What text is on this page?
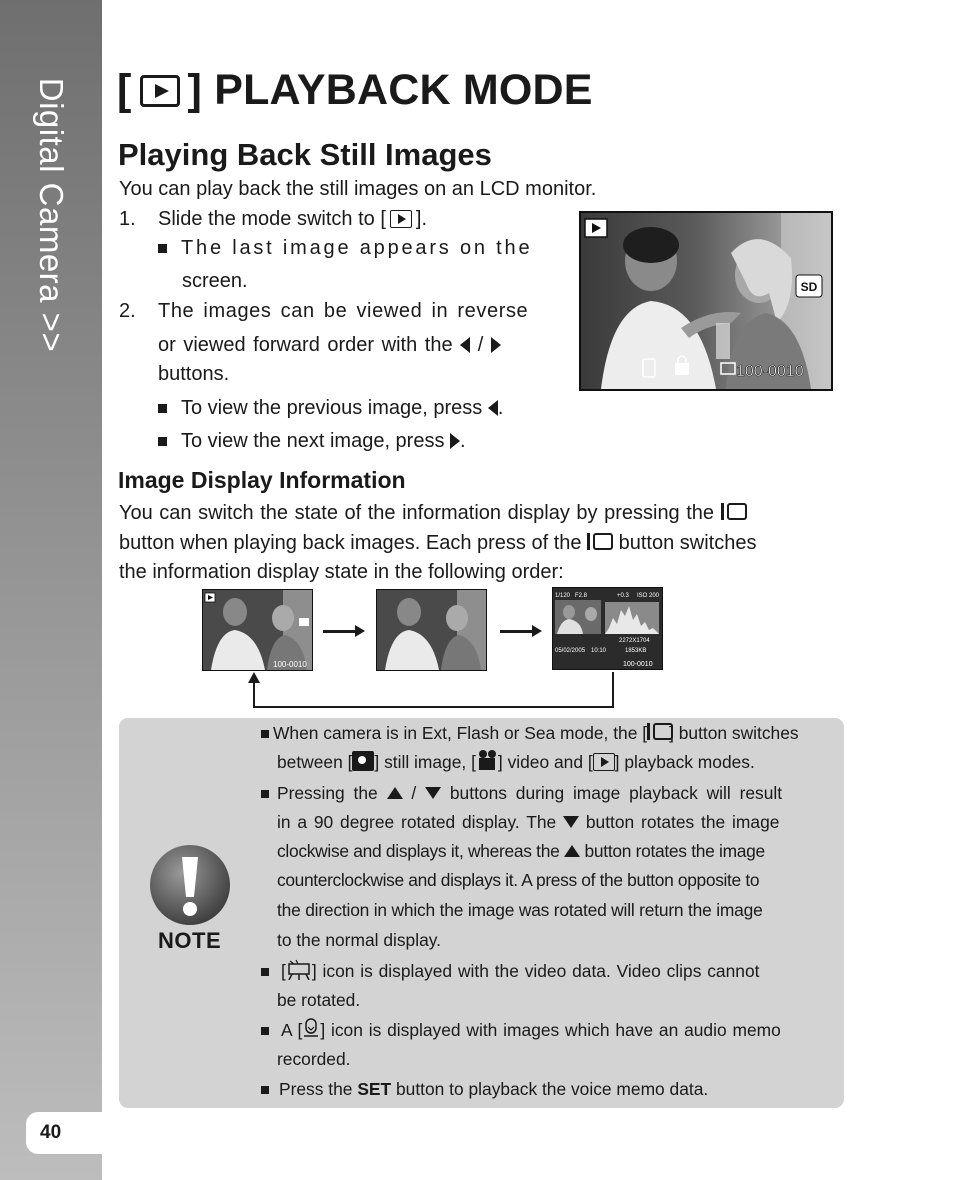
Digital Camera >>
40
[ ] PLAYBACK MODE
Playing Back Still Images
You can play back the still images on an LCD monitor.
1. Slide the mode switch to [ ].
The last image appears on the
screen.
2. The images can be viewed in reverse
or viewed forward order with the /
buttons.
To view the previous image, press .
To view the next image, press .
SD
100-0010
Image Display Information
You can switch the state of the information display by pressing the
button when playing back images. Each press of the button switches
the information display state in the following order:
100-0010
1/120 F2.8	+0.3 ISO 200
2272X1704
05/02/2005 10:10	1853KB
100-0010
NOTE
When camera is in Ext, Flash or Sea mode, the [ ] button switches
between [ ] still image, [ ] video and [ ] playback modes.
Pressing the / buttons during image playback will result
in a 90 degree rotated display. The button rotates the image
clockwise and displays it, whereas the button rotates the image
counterclockwise and displays it. A press of the button opposite to
the direction in which the image was rotated will return the image
to the normal display.
[ ] icon is displayed with the video data. Video clips cannot
be rotated.
A [ ] icon is displayed with images which have an audio memo
recorded.
Press the SET button to playback the voice memo data.
